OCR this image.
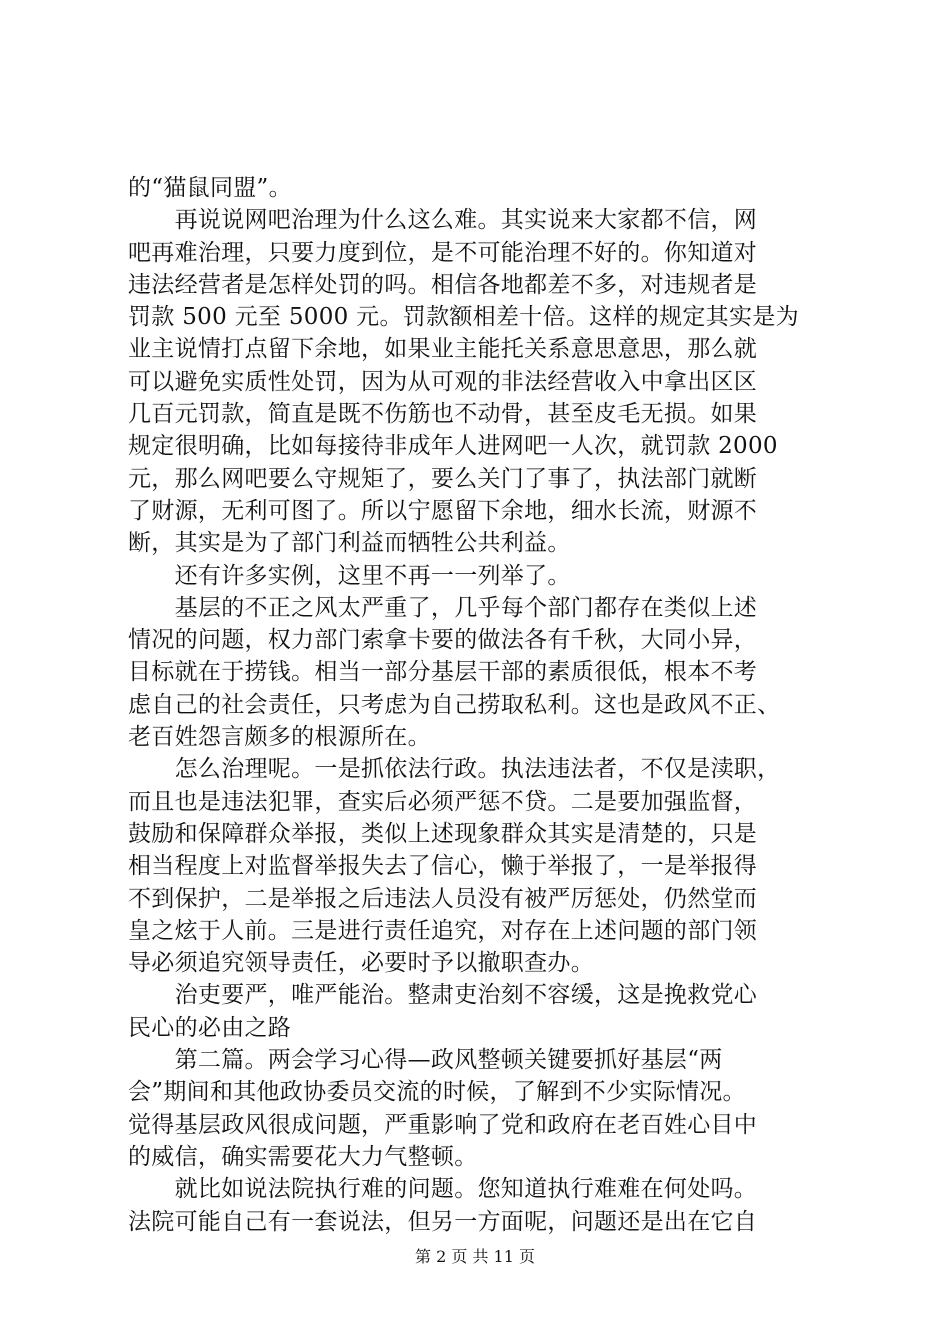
的“猫鼠同盟”。
　　再说说网吧治理为什么这么难。其实说来大家都不信，网
吧再难治理，只要力度到位，是不可能治理不好的。你知道对
违法经营者是怎样处罚的吗。相信各地都差不多，对违规者是
罚款 500 元至 5000 元。罚款额相差十倍。这样的规定其实是为
业主说情打点留下余地，如果业主能托关系意思意思，那么就
可以避免实质性处罚，因为从可观的非法经营收入中拿出区区
几百元罚款，简直是既不伤筋也不动骨，甚至皮毛无损。如果
规定很明确，比如每接待非成年人进网吧一人次，就罚款 2000
元，那么网吧要么守规矩了，要么关门了事了，执法部门就断
了财源，无利可图了。所以宁愿留下余地，细水长流，财源不
断，其实是为了部门利益而牺牲公共利益。
　　还有许多实例，这里不再一一列举了。
　　基层的不正之风太严重了，几乎每个部门都存在类似上述
情况的问题，权力部门索拿卡要的做法各有千秋，大同小异，
目标就在于捞钱。相当一部分基层干部的素质很低，根本不考
虑自己的社会责任，只考虑为自己捞取私利。这也是政风不正、
老百姓怨言颇多的根源所在。
　　怎么治理呢。一是抓依法行政。执法违法者，不仅是渎职，
而且也是违法犯罪，查实后必须严惩不贷。二是要加强监督，
鼓励和保障群众举报，类似上述现象群众其实是清楚的，只是
相当程度上对监督举报失去了信心，懒于举报了，一是举报得
不到保护，二是举报之后违法人员没有被严厉惩处，仍然堂而
皇之炫于人前。三是进行责任追究，对存在上述问题的部门领
导必须追究领导责任，必要时予以撤职查办。
　　治吏要严，唯严能治。整肃吏治刻不容缓，这是挽救党心
民心的必由之路
　　第二篇。两会学习心得—政风整顿关键要抓好基层“两
会”期间和其他政协委员交流的时候，了解到不少实际情况。
觉得基层政风很成问题，严重影响了党和政府在老百姓心目中
的威信，确实需要花大力气整顿。
　　就比如说法院执行难的问题。您知道执行难难在何处吗。
法院可能自己有一套说法，但另一方面呢，问题还是出在它自
第 2 页 共 11 页
